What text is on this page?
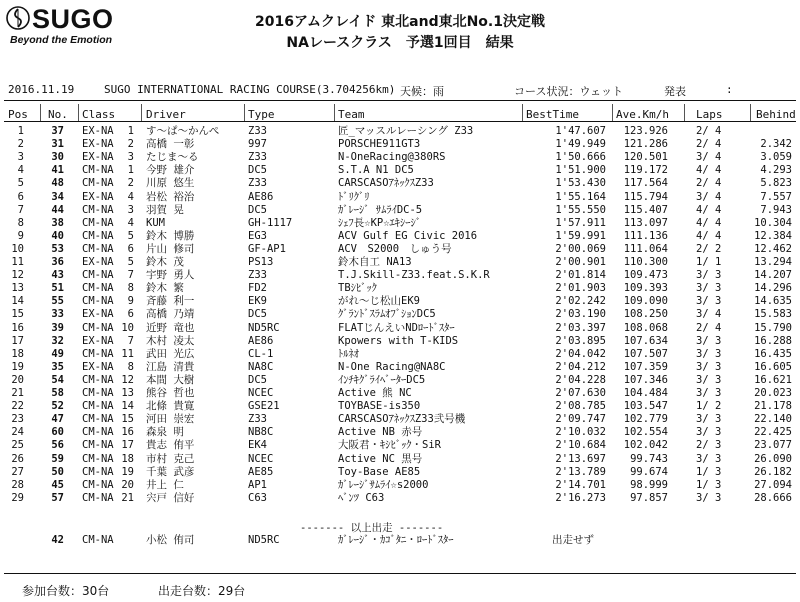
SUGO
Beyond the Emotion
2016アムクレイド 東北and東北No.1決定戦
NAレースクラス　予選1回目　結果
2016.11.19	SUGO INTERNATIONAL RACING COURSE(3.704256km) 天候：雨	コース状況：ウェット	発表	:
Pos No. Class	Driver	Type	Team	BestTime	Ave.Km/h Laps	Behind
1	37 EX-NA	1 す～ぱ～かんぺ	Z33	匠_マッスルレーシング Z33	1'47.607	123.926	2/ 4
2	31 EX-NA	2 高橋 一彰	997	PORSCHE911GT3	1'49.949	121.286	2/ 4	2.342
3	30 EX-NA	3 たじま～る	Z33	N-OneRacing@380RS	1'50.666	120.501	3/ 4	3.059
4	41 CM-NA	1 今野 雄介	DC5	S.T.A N1 DC5	1'51.900	119.172	4/ 4	4.293
5	48 CM-NA	2 川原 悠生	Z33	CARSCASOｱﾈｯｸｽZ33	1'53.430	117.564	2/ 4	5.823
6	34 EX-NA	4 岩松 裕治	AE86	ﾄﾞﾘｸﾞﾘ	1'55.164	115.794	3/ 4	7.557
7	44 CM-NA	3 羽賀 晃	DC5	ｶﾞﾚｰｼﾞ ｻﾑﾗｲDC-5	1'55.550	115.407	4/ 4	7.943
8	38 CM-NA	4 KUM	GH-1117	ｼｪﾌ長☆KP☆ｴｷｼｰｼﾞ	1'57.911	113.097	4/ 4	10.304
9	40 CM-NA	5 鈴木 博勝	EG3	ACV Gulf EG Civic 2016	1'59.991	111.136	4/ 4	12.384
10	53 CM-NA	6 片山 修司	GF-AP1	ACV　S2000　しゅう号	2'00.069	111.064	2/ 2	12.462
11	36 EX-NA	5 鈴木 茂	PS13	鈴木自工 NA13	2'00.901	110.300	1/ 1	13.294
12	43 CM-NA	7 宇野 勇人	Z33	T.J.Skill-Z33.feat.S.K.R	2'01.814	109.473	3/ 3	14.207
13	51 CM-NA	8 鈴木 繁	FD2	TBｼﾋﾞｯｸ	2'01.903	109.393	3/ 3	14.296
14	55 CM-NA	9 斉藤 利一	EK9	がれ～じ松山EK9	2'02.242	109.090	3/ 3	14.635
15	33 EX-NA	6 高橋 乃靖	DC5	ｸﾞﾗﾝﾄﾞｽﾗﾑｵﾌﾞｼｮﾝDC5	2'03.190	108.250	3/ 4	15.583
16	39 CM-NA 10 近野 竜也	ND5RC	FLATじんえいNDﾛｰﾄﾞｽﾀｰ	2'03.397	108.068	2/ 4	15.790
17	32 EX-NA	7 木村 凌太	AE86	Kpowers with T-KIDS	2'03.895	107.634	3/ 3	16.288
18	49 CM-NA 11 武田 光広	CL-1	ﾄﾙﾈｵ	2'04.042	107.507	3/ 3	16.435
19	35 EX-NA	8 江島 清貴	NA8C	N-One Racing@NA8C	2'04.212	107.359	3/ 3	16.605
20	54 CM-NA 12 本間 大樹	DC5	ｲﾝﾁｷｸﾞﾗｲﾍﾞｰﾀｰDC5	2'04.228	107.346	3/ 3	16.621
21	58 CM-NA 13 熊谷 哲也	NCEC	Active 熊 NC	2'07.630	104.484	3/ 3	20.023
22	52 CM-NA 14 北條 貴寛	GSE21	TOYBASE-is350	2'08.785	103.547	1/ 2	21.178
23	47 CM-NA 15 河田 崇宏	Z33	CARSCASOｱﾈｯｸｽZ33弐号機	2'09.747	102.779	3/ 3	22.140
24	60 CM-NA 16 森泉 明	NB8C	Active NB 赤号	2'10.032	102.554	3/ 3	22.425
25	56 CM-NA 17 貴志 侑平	EK4	大阪君・ｷｼﾋﾞｯｸ・SiR	2'10.684	102.042	2/ 3	23.077
26	59 CM-NA 18 市村 克己	NCEC	Active NC 黒号	2'13.697	99.743	3/ 3	26.090
27	50 CM-NA 19 千葉 武彦	AE85	Toy-Base AE85	2'13.789	99.674	1/ 3	26.182
28	45 CM-NA 20 井上 仁	AP1	ｶﾞﾚｰｼﾞｻﾑﾗｲ☆s2000	2'14.701	98.999	1/ 3	27.094
29	57 CM-NA 21 宍戸 信好	C63	ﾍﾞﾝﾂ C63	2'16.273	97.857	3/ 3	28.666
------- 以上出走 -------
42 CM-NA	小松 侑司	ND5RC	ｶﾞﾚｰｼﾞ・ｶｺﾞﾀﾆ・ﾛｰﾄﾞｽﾀｰ	出走せず
参加台数：30台	出走台数：29台
